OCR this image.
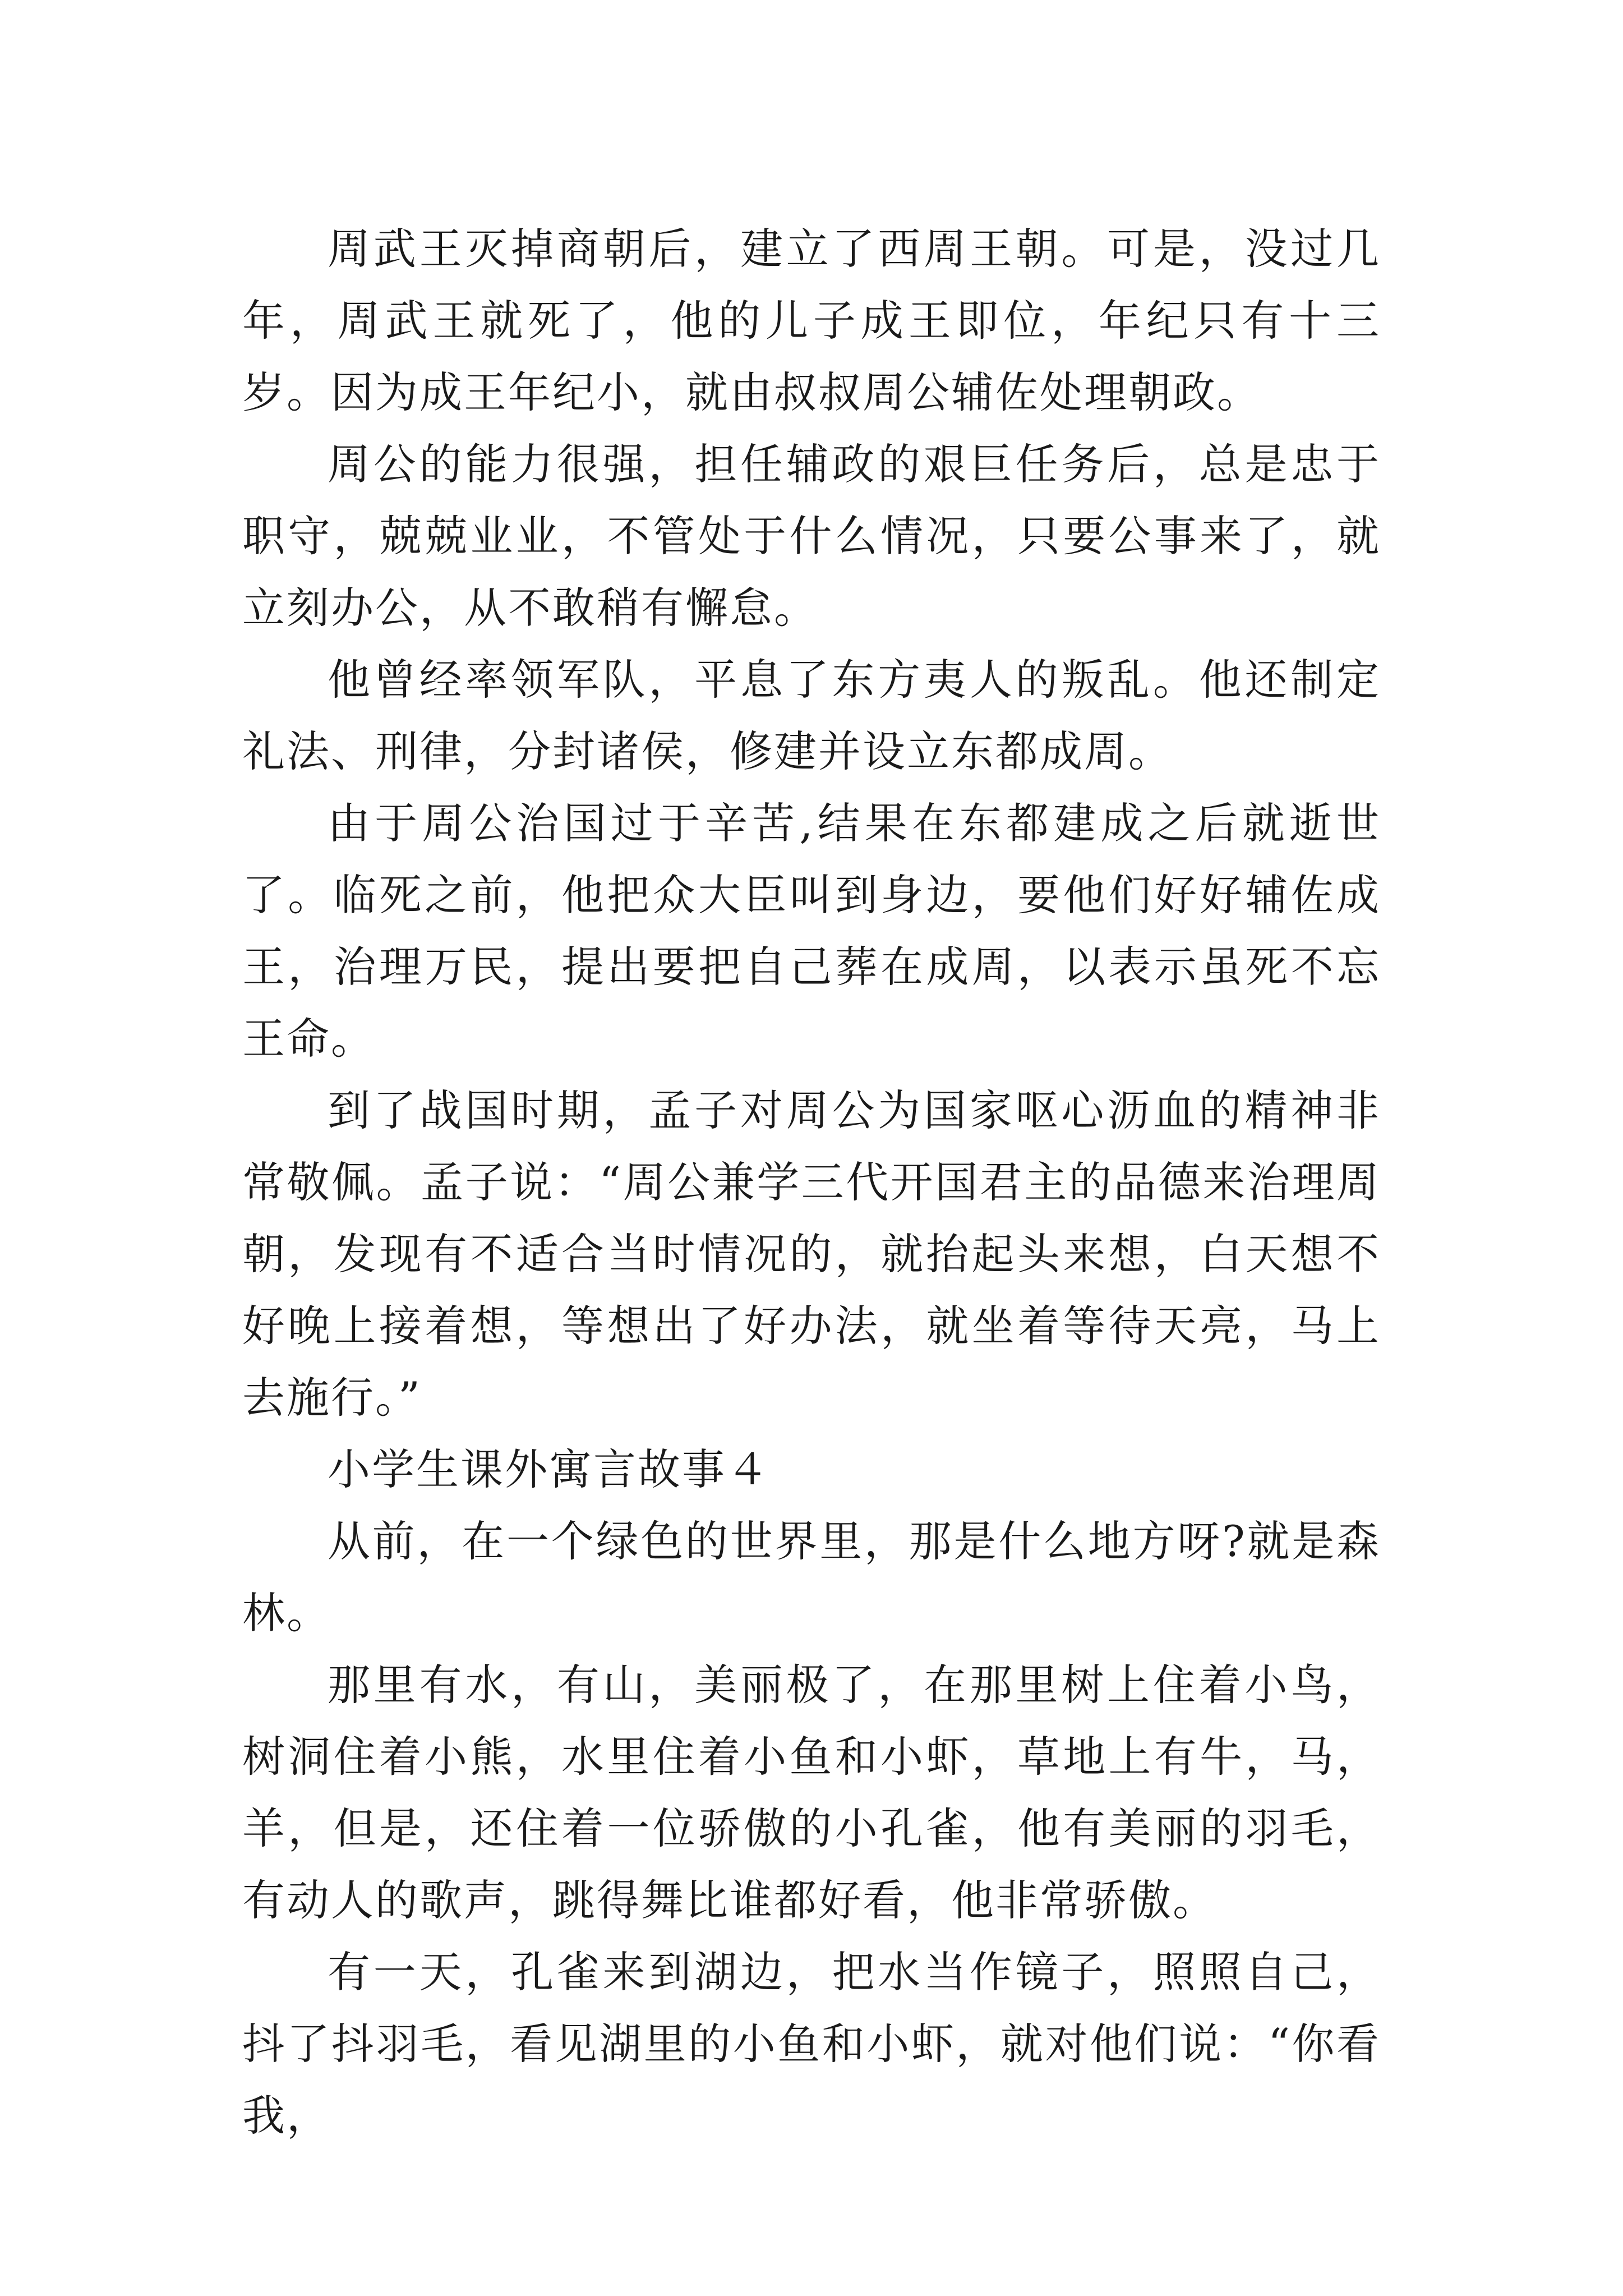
周武王灭掉商朝后，建立了西周王朝。可是，没过几年，周武王就死了，他的儿子成王即位，年纪只有十三岁。因为成王年纪小，就由叔叔周公辅佐处理朝政。

周公的能力很强，担任辅政的艰巨任务后，总是忠于职守，兢兢业业，不管处于什么情况，只要公事来了，就立刻办公，从不敢稍有懈怠。

他曾经率领军队，平息了东方夷人的叛乱。他还制定礼法、刑律，分封诸侯，修建并设立东都成周。

由于周公治国过于辛苦,结果在东都建成之后就逝世了。临死之前，他把众大臣叫到身边，要他们好好辅佐成王，治理万民，提出要把自己葬在成周，以表示虽死不忘王命。

到了战国时期，孟子对周公为国家呕心沥血的精神非常敬佩。孟子说：“周公兼学三代开国君主的品德来治理周朝，发现有不适合当时情况的，就抬起头来想，白天想不好晚上接着想，等想出了好办法，就坐着等待天亮，马上去施行。”

小学生课外寓言故事４

从前，在一个绿色的世界里，那是什么地方呀?就是森林。

那里有水，有山，美丽极了，在那里树上住着小鸟，树洞住着小熊，水里住着小鱼和小虾，草地上有牛，马，羊，但是，还住着一位骄傲的小孔雀，他有美丽的羽毛，有动人的歌声，跳得舞比谁都好看，他非常骄傲。

有一天，孔雀来到湖边，把水当作镜子，照照自己，抖了抖羽毛，看见湖里的小鱼和小虾，就对他们说：“你看我，
